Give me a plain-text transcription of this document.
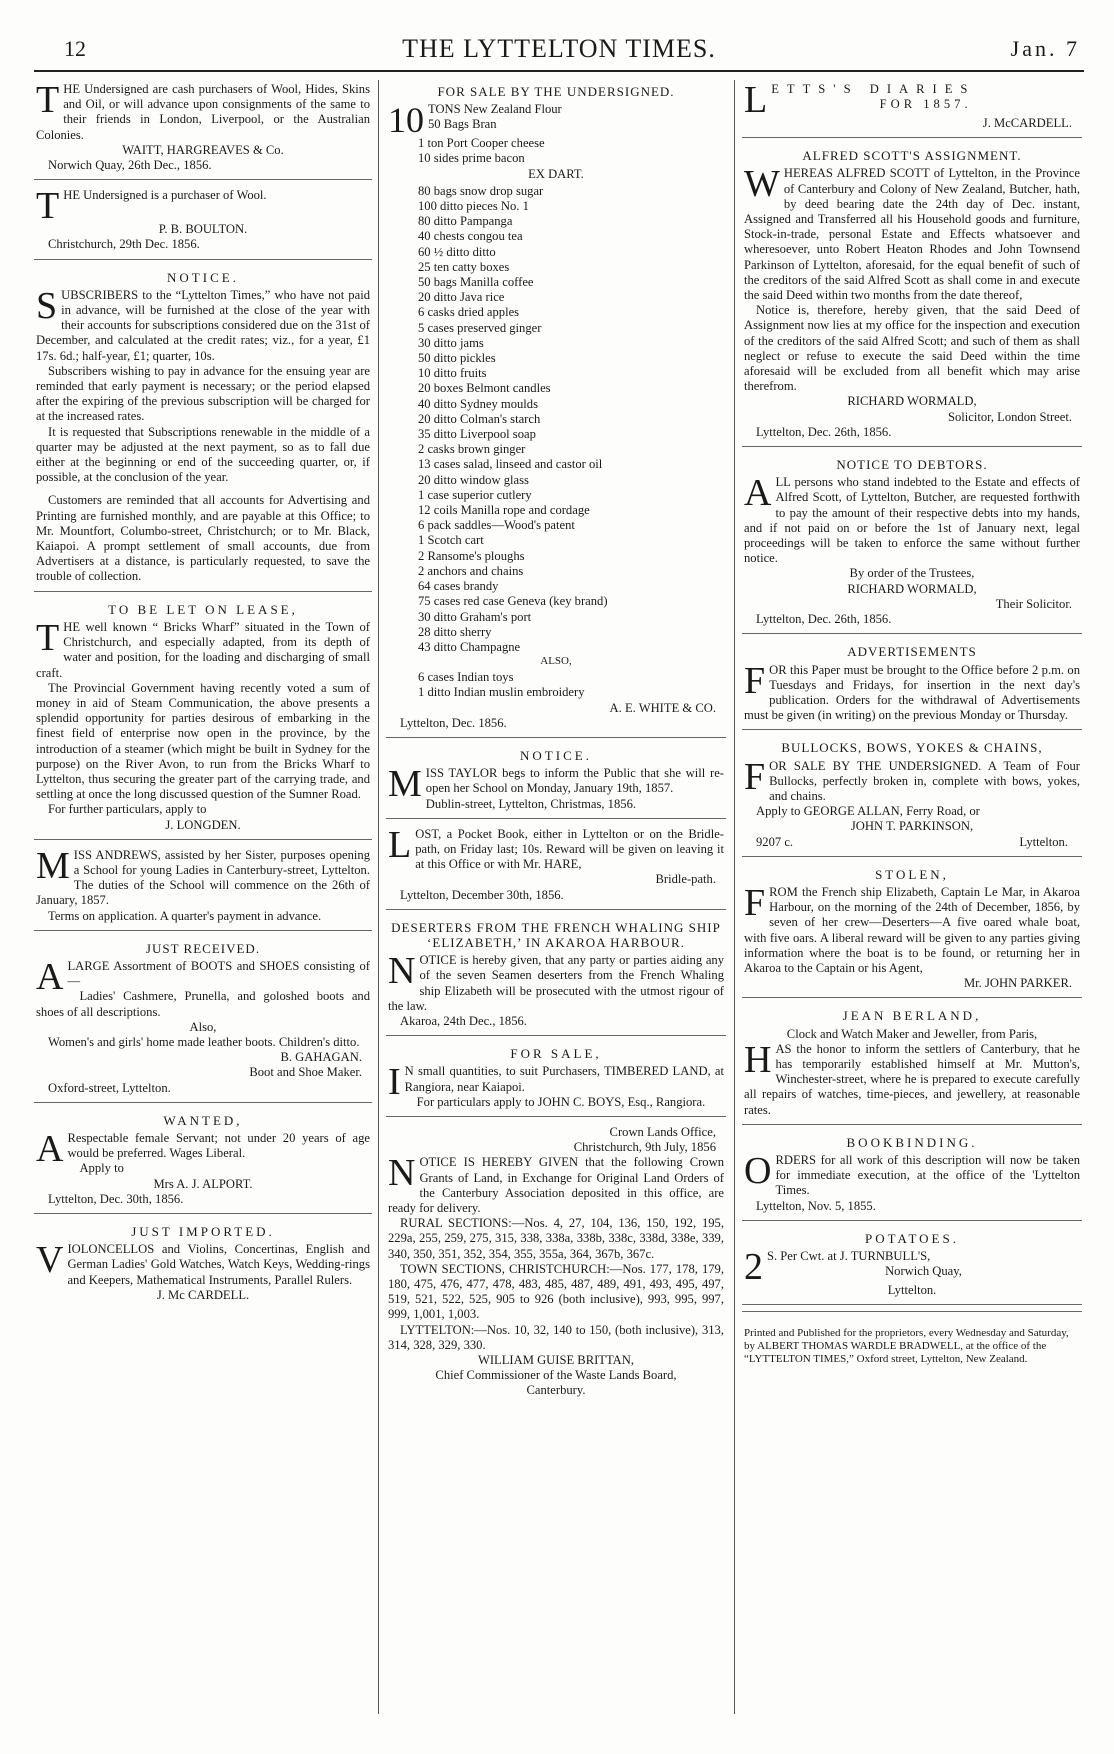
12	THE LYTTELTON TIMES.	Jan. 7
T HE Undersigned are cash purchasers of Wool, Hides, Skins and Oil, or will advance upon consignments of the same to their friends in London, Liverpool, or the Australian Colonies.

WAITT, HARGREAVES & Co.
Norwich Quay, 26th Dec., 1856.
T HE Undersigned is a purchaser of Wool.

P. B. BOULTON.
Christchurch, 29th Dec. 1856.
NOTICE.
S UBSCRIBERS to the “Lyttelton Times,” who have not paid in advance, will be furnished at the close of the year with their accounts for subscriptions considered due on the 31st of December, and calculated at the credit rates; viz., for a year, £1 17s. 6d.; half-year, £1; quarter, 10s.

Subscribers wishing to pay in advance for the ensuing year are reminded that early payment is necessary; or the period elapsed after the expiring of the previous subscription will be charged for at the increased rates.

It is requested that Subscriptions renewable in the middle of a quarter may be adjusted at the next payment, so as to fall due either at the beginning or end of the succeeding quarter, or, if possible, at the conclusion of the year.

Customers are reminded that all accounts for Advertising and Printing are furnished monthly, and are payable at this Office; to Mr. Mountfort, Columbo-street, Christchurch; or to Mr. Black, Kaiapoi. A prompt settlement of small accounts, due from Advertisers at a distance, is particularly requested, to save the trouble of collection.

TO BE LET ON LEASE,
T HE well known “ Bricks Wharf” situated in the Town of Christchurch, and especially adapted, from its depth of water and position, for the loading and discharging of small craft.

The Provincial Government having recently voted a sum of money in aid of Steam Communication, the above presents a splendid opportunity for parties desirous of embarking in the finest field of enterprise now open in the province, by the introduction of a steamer (which might be built in Sydney for the purpose) on the River Avon, to run from the Bricks Wharf to Lyttelton, thus securing the greater part of the carrying trade, and settling at once the long discussed question of the Sumner Road.

For further particulars, apply to

J. LONGDEN.
M ISS ANDREWS, assisted by her Sister, purposes opening a School for young Ladies in Canterbury-street, Lyttelton. The duties of the School will commence on the 26th of January, 1857.

Terms on application. A quarter's payment in advance.

JUST RECEIVED.
A LARGE Assortment of BOOTS and SHOES consisting of—

Ladies' Cashmere, Prunella, and goloshed boots and shoes of all descriptions.

Also,

Women's and girls' home made leather boots. Children's ditto.

B. GAHAGAN.
Boot and Shoe Maker.
Oxford-street, Lyttelton.
WANTED,
A Respectable female Servant; not under 20 years of age would be preferred. Wages Liberal.

Apply to

Mrs A. J. ALPORT.
Lyttelton, Dec. 30th, 1856.
JUST IMPORTED.
V IOLONCELLOS and Violins, Concertinas, English and German Ladies' Gold Watches, Watch Keys, Wedding-rings and Keepers, Mathematical Instruments, Parallel Rulers.

J. Mc CARDELL.
FOR SALE BY THE UNDERSIGNED.
10 TONS New Zealand Flour
50 Bags Bran
1 ton Port Cooper cheese
10 sides prime bacon
EX DART.
80 bags snow drop sugar
100 ditto pieces No. 1
80 ditto Pampanga
40 chests congou tea
60 ½ ditto ditto
25 ten catty boxes
50 bags Manilla coffee
20 ditto Java rice
6 casks dried apples
5 cases preserved ginger
30 ditto jams
50 ditto pickles
10 ditto fruits
20 boxes Belmont candles
40 ditto Sydney moulds
20 ditto Colman's starch
35 ditto Liverpool soap
2 casks brown ginger
13 cases salad, linseed and castor oil
20 ditto window glass
1 case superior cutlery
12 coils Manilla rope and cordage
6 pack saddles—Wood's patent
1 Scotch cart
2 Ransome's ploughs
2 anchors and chains
64 cases brandy
75 cases red case Geneva (key brand)
30 ditto Graham's port
28 ditto sherry
43 ditto Champagne
ALSO,
6 cases Indian toys
1 ditto Indian muslin embroidery
A. E. WHITE & CO.
Lyttelton, Dec. 1856.
NOTICE.
M ISS TAYLOR begs to inform the Public that she will re-open her School on Monday, January 19th, 1857.

Dublin-street, Lyttelton, Christmas, 1856.
L OST, a Pocket Book, either in Lyttelton or on the Bridle-path, on Friday last; 10s. Reward will be given on leaving it at this Office or with Mr. HARE,

Bridle-path.
Lyttelton, December 30th, 1856.
DESERTERS FROM THE FRENCH WHALING SHIP ‘ELIZABETH,’ IN AKAROA HARBOUR.
N OTICE is hereby given, that any party or parties aiding any of the seven Seamen deserters from the French Whaling ship Elizabeth will be prosecuted with the utmost rigour of the law.

Akaroa, 24th Dec., 1856.
FOR SALE,
I N small quantities, to suit Purchasers, TIMBERED LAND, at Rangiora, near Kaiapoi.

For particulars apply to JOHN C. BOYS, Esq., Rangiora.

Crown Lands Office,
Christchurch, 9th July, 1856
N OTICE IS HEREBY GIVEN that the following Crown Grants of Land, in Exchange for Original Land Orders of the Canterbury Association deposited in this office, are ready for delivery.

RURAL SECTIONS:—Nos. 4, 27, 104, 136, 150, 192, 195, 229a, 255, 259, 275, 315, 338, 338a, 338b, 338c, 338d, 338e, 339, 340, 350, 351, 352, 354, 355, 355a, 364, 367b, 367c.

TOWN SECTIONS, CHRISTCHURCH:—Nos. 177, 178, 179, 180, 475, 476, 477, 478, 483, 485, 487, 489, 491, 493, 495, 497, 519, 521, 522, 525, 905 to 926 (both inclusive), 993, 995, 997, 999, 1,001, 1,003.

LYTTELTON:—Nos. 10, 32, 140 to 150, (both inclusive), 313, 314, 328, 329, 330.

WILLIAM GUISE BRITTAN,
Chief Commissioner of the Waste Lands Board,
Canterbury.
L ETTS'S DIARIES
FOR 1857.
J. McCARDELL.
ALFRED SCOTT'S ASSIGNMENT.
W HEREAS ALFRED SCOTT of Lyttelton, in the Province of Canterbury and Colony of New Zealand, Butcher, hath, by deed bearing date the 24th day of Dec. instant, Assigned and Transferred all his Household goods and furniture, Stock-in-trade, personal Estate and Effects whatsoever and wheresoever, unto Robert Heaton Rhodes and John Townsend Parkinson of Lyttelton, aforesaid, for the equal benefit of such of the creditors of the said Alfred Scott as shall come in and execute the said Deed within two months from the date thereof,

Notice is, therefore, hereby given, that the said Deed of Assignment now lies at my office for the inspection and execution of the creditors of the said Alfred Scott; and such of them as shall neglect or refuse to execute the said Deed within the time aforesaid will be excluded from all benefit which may arise therefrom.

RICHARD WORMALD,
Solicitor, London Street.
Lyttelton, Dec. 26th, 1856.
NOTICE TO DEBTORS.
A LL persons who stand indebted to the Estate and effects of Alfred Scott, of Lyttelton, Butcher, are requested forthwith to pay the amount of their respective debts into my hands, and if not paid on or before the 1st of January next, legal proceedings will be taken to enforce the same without further notice.

By order of the Trustees,
RICHARD WORMALD,
Their Solicitor.
Lyttelton, Dec. 26th, 1856.
ADVERTISEMENTS
F OR this Paper must be brought to the Office before 2 p.m. on Tuesdays and Fridays, for insertion in the next day's publication. Orders for the withdrawal of Advertisements must be given (in writing) on the previous Monday or Thursday.

BULLOCKS, BOWS, YOKES & CHAINS,
F OR SALE BY THE UNDERSIGNED. A Team of Four Bullocks, perfectly broken in, complete with bows, yokes, and chains.

Apply to GEORGE ALLAN, Ferry Road, or

JOHN T. PARKINSON,
9207 c.	Lyttelton.
STOLEN,
F ROM the French ship Elizabeth, Captain Le Mar, in Akaroa Harbour, on the morning of the 24th of December, 1856, by seven of her crew—Deserters—A five oared whale boat, with five oars. A liberal reward will be given to any parties giving information where the boat is to be found, or returning her in Akaroa to the Captain or his Agent,

Mr. JOHN PARKER.
JEAN BERLAND,
Clock and Watch Maker and Jeweller, from Paris,
H AS the honor to inform the settlers of Canterbury, that he has temporarily established himself at Mr. Mutton's, Winchester-street, where he is prepared to execute carefully all repairs of watches, time-pieces, and jewellery, at reasonable rates.

BOOKBINDING.
O RDERS for all work of this description will now be taken for immediate execution, at the office of the 'Lyttelton Times.

Lyttelton, Nov. 5, 1855.
POTATOES.
2 S. Per Cwt. at J. TURNBULL'S,
Norwich Quay,
Lyttelton.

Printed and Published for the proprietors, every Wednesday and Saturday, by ALBERT THOMAS WARDLE BRADWELL, at the office of the “LYTTELTON TIMES,” Oxford street, Lyttelton, New Zealand.
